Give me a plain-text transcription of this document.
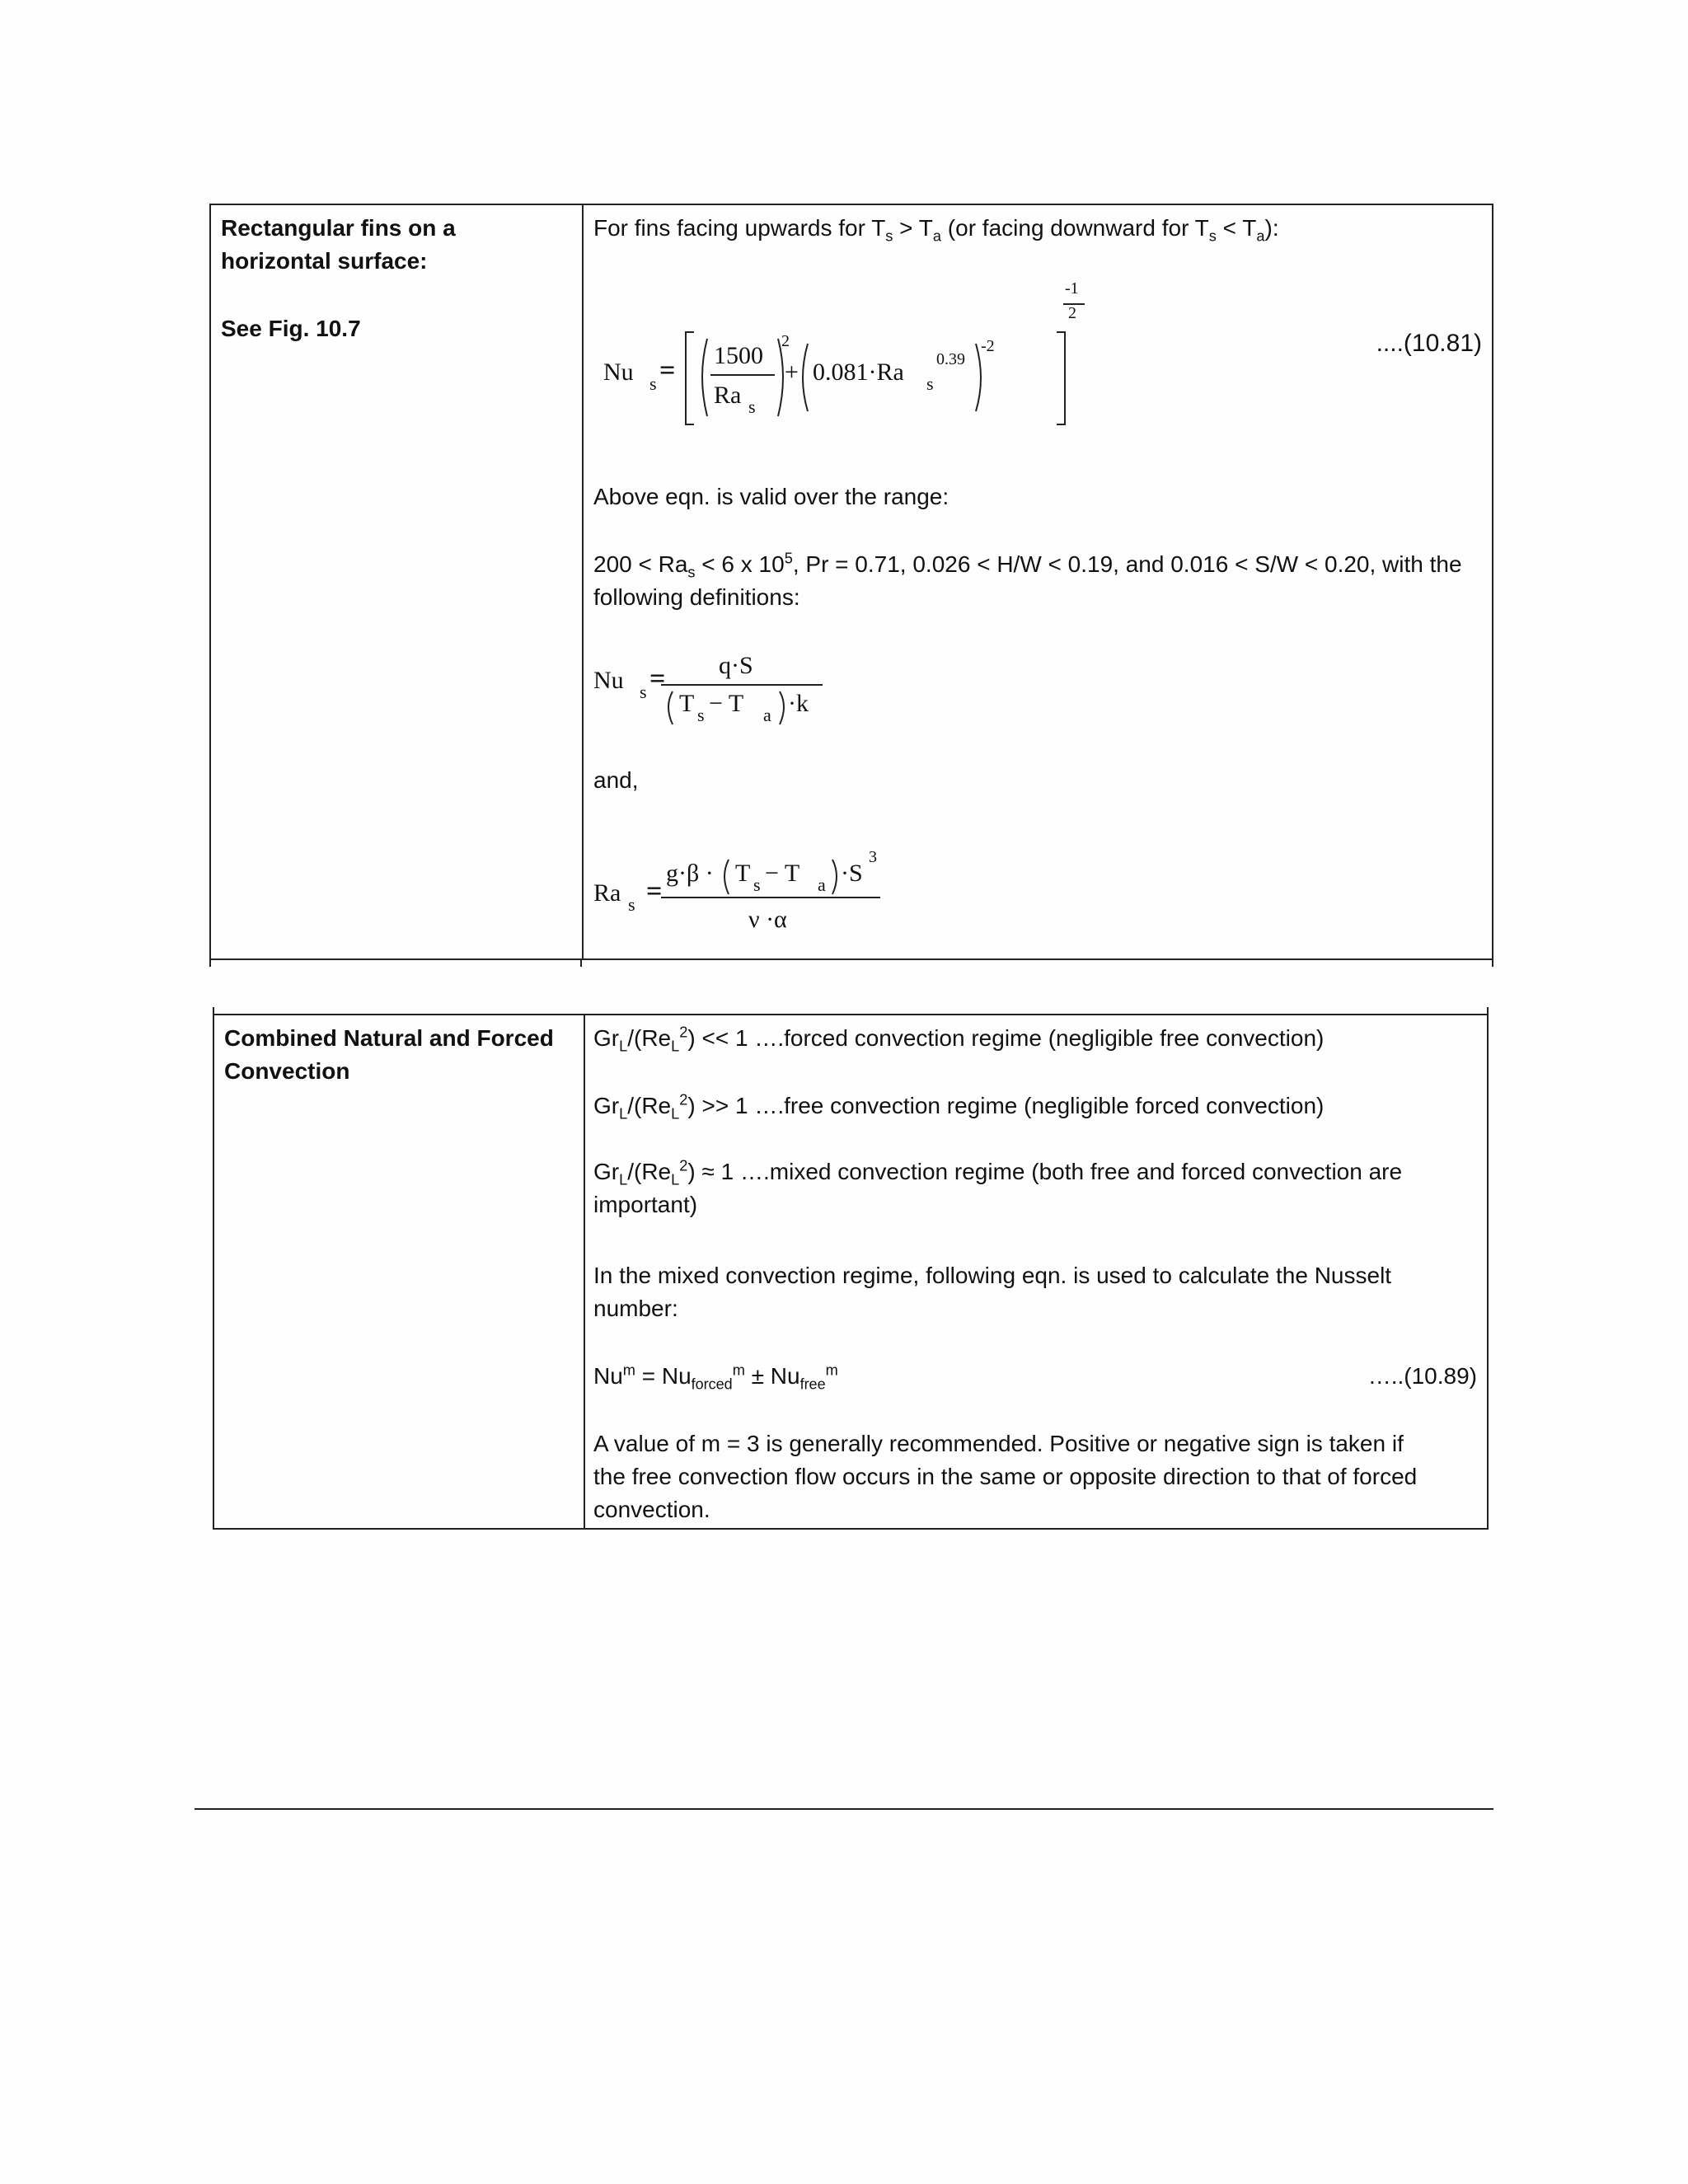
Rectangular fins on a
horizontal surface:
See Fig. 10.7
For fins facing upwards for $T_s > T_a$ (or facing downward for $T_s < T_a$):
Nu s = 1500
Ra s
2
+ 0.081·Ra s
0.39
-2
-1
2
....(10.81)
Above eqn. is valid over the range:
$200 < Ra_s < 6$ x $10^5$, Pr = 0.71, 0.026 < H/W < 0.19, and 0.016 < S/W < 0.20, with the
following definitions:
Nu s = q·S
T s − T a ·k
and,
Ra s =
g·β · T s − T a ·S
3
ν ·α
Combined Natural and Forced
Convection
$Gr_L/(Re_L^2) << 1$ ….forced convection regime (negligible free convection)
$Gr_L/(Re_L^2) >> 1$ ….free convection regime (negligible forced convection)
$Gr_L/(Re_L^2) \approx 1$ ….mixed convection regime (both free and forced convection are
important)
In the mixed convection regime, following eqn. is used to calculate the Nusselt
number:
$Nu^m = Nu_{forced}^m \pm Nu_{free}^m$	…..(10.89)
A value of m = 3 is generally recommended. Positive or negative sign is taken if
the free convection flow occurs in the same or opposite direction to that of forced
convection.
